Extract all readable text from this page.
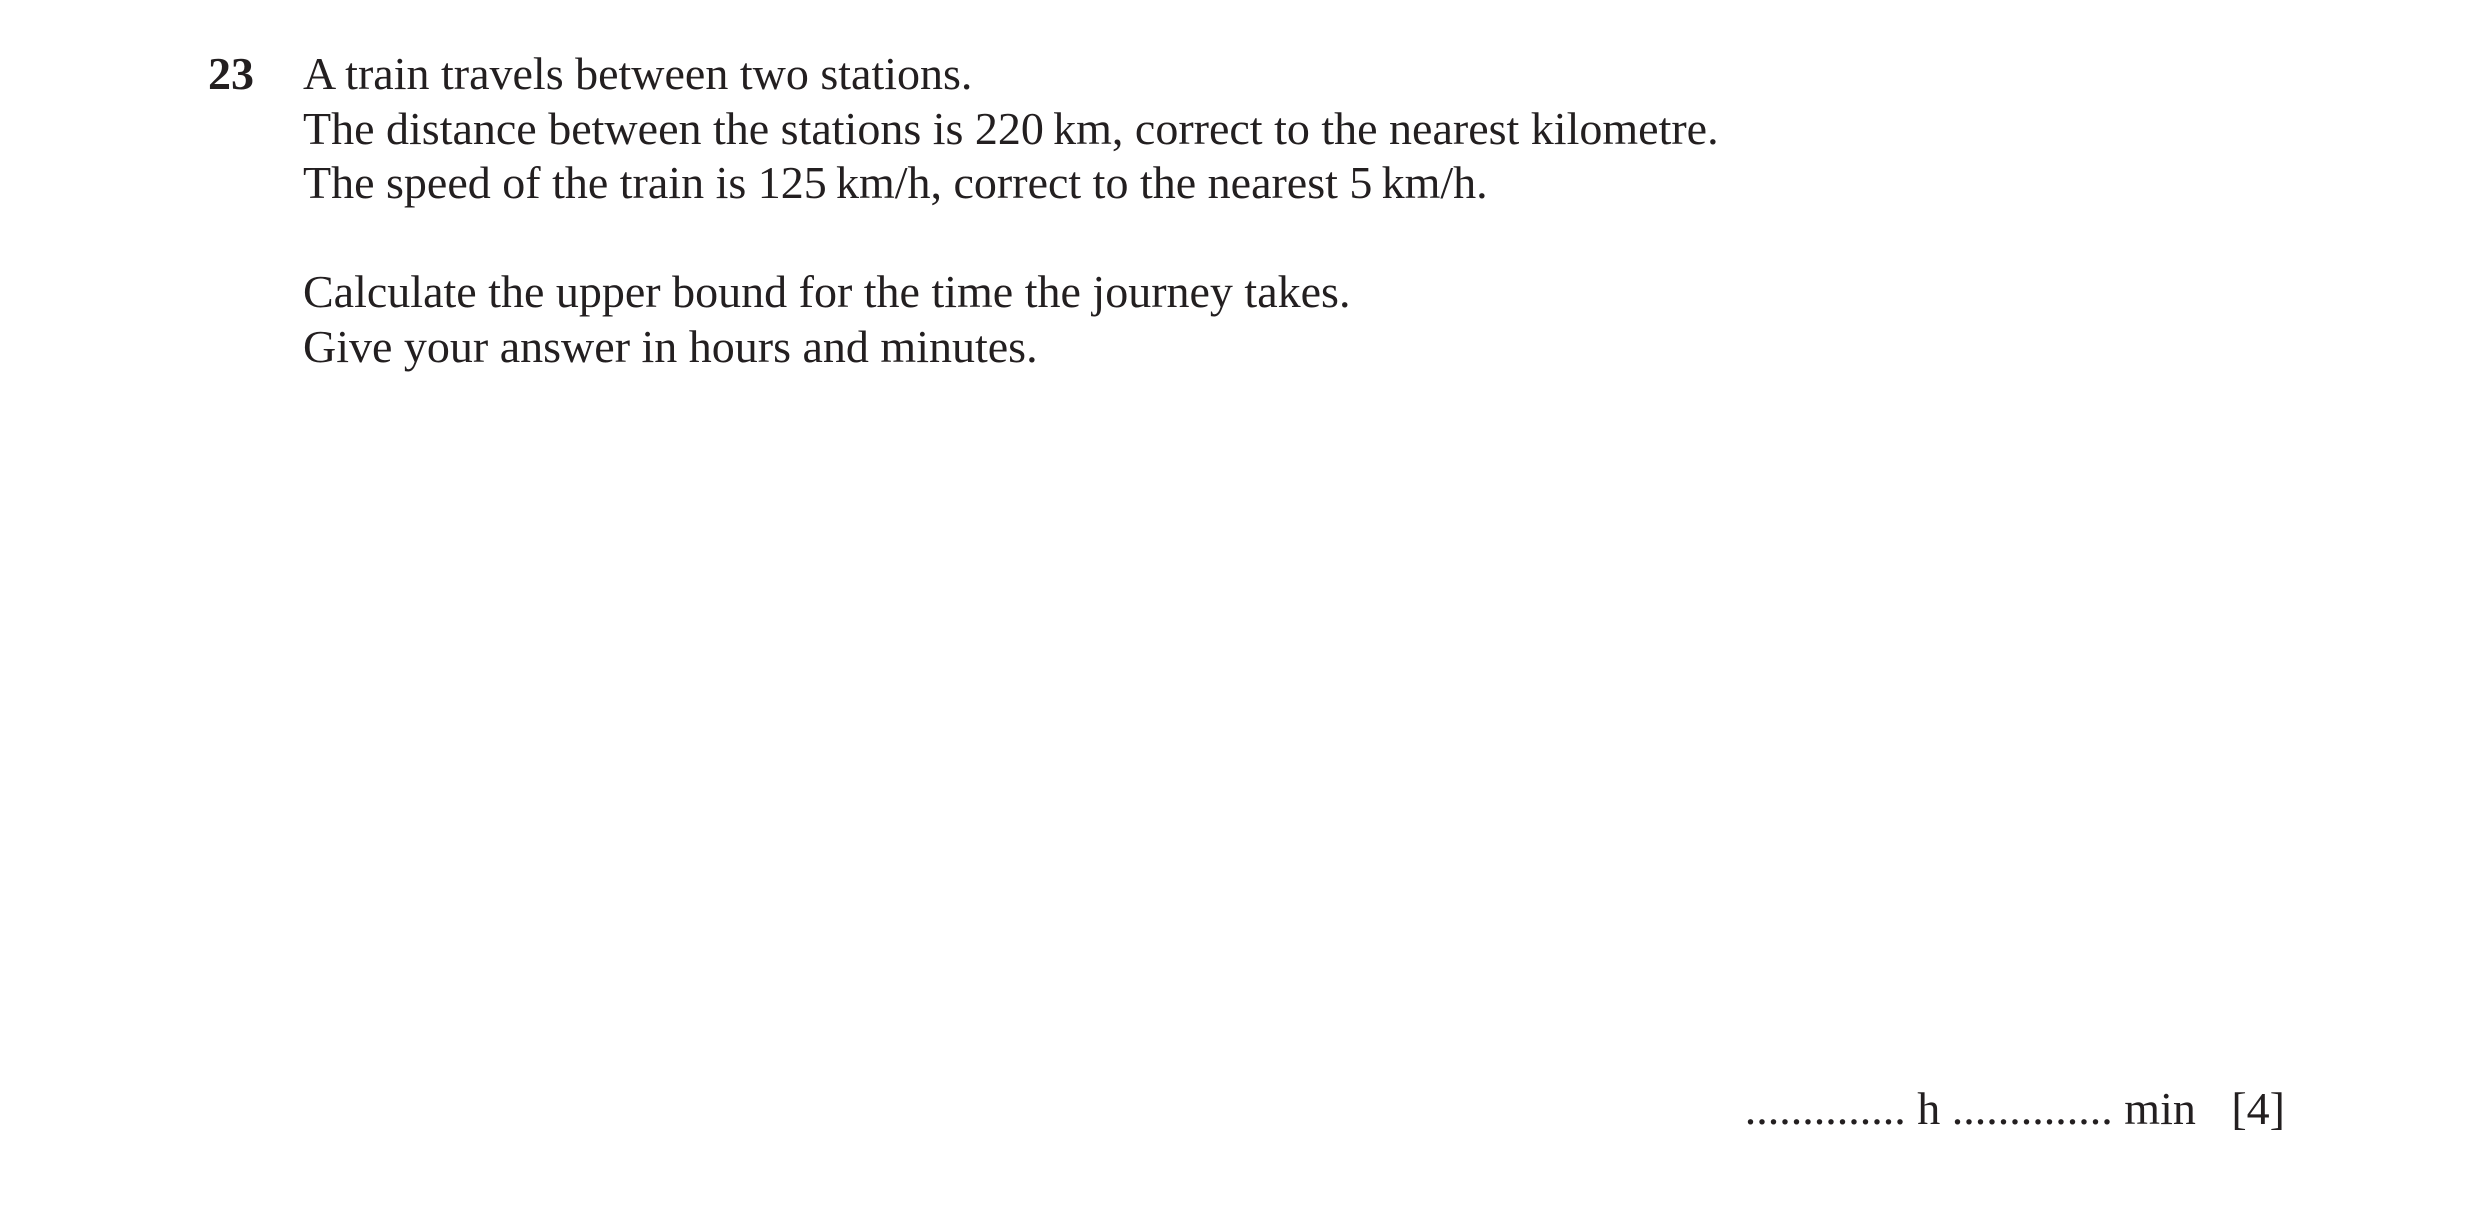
23 A train travels between two stations.
The distance between the stations is 220 km, correct to the nearest kilometre.
The speed of the train is 125 km/h, correct to the nearest 5 km/h.
Calculate the upper bound for the time the journey takes.
Give your answer in hours and minutes.
.............. h .............. min [4]
